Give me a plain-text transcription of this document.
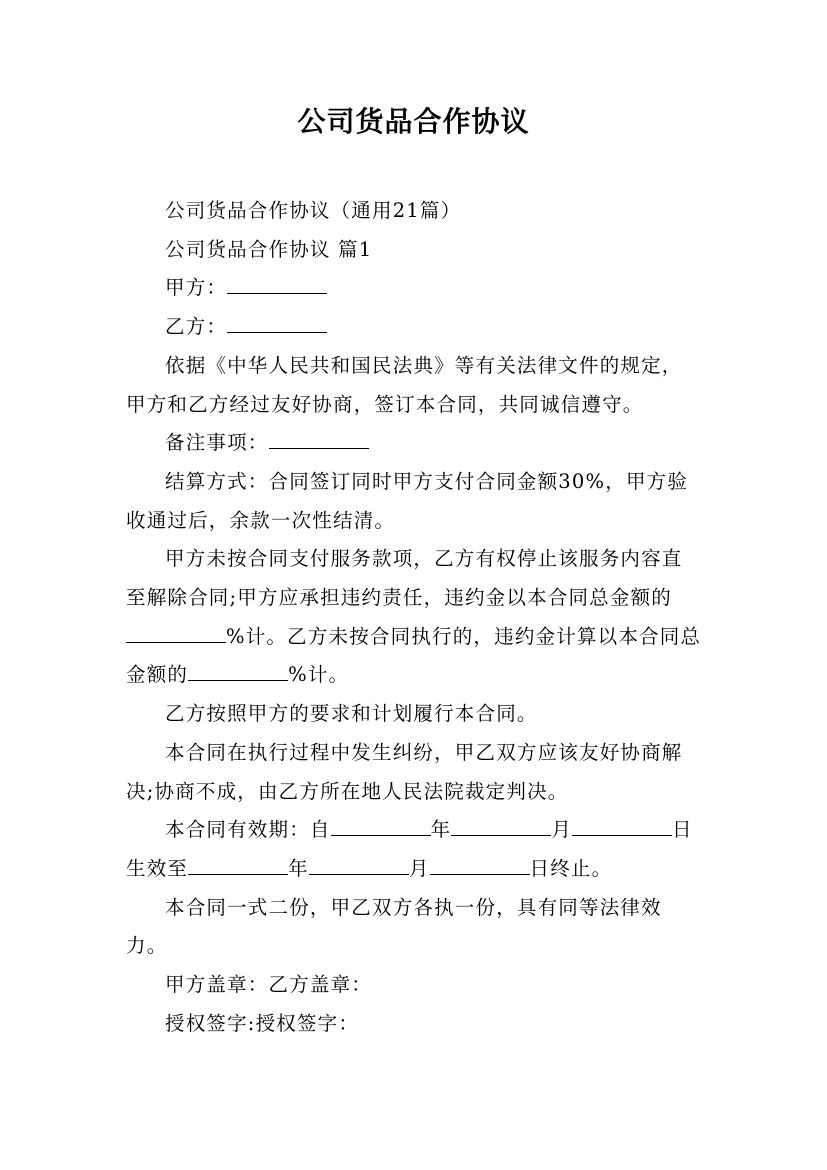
公司货品合作协议

公司货品合作协议（通用21篇）

公司货品合作协议 篇1

甲方：

乙方：

依据《中华人民共和国民法典》等有关法律文件的规定，甲方和乙方经过友好协商，签订本合同，共同诚信遵守。

备注事项：

结算方式：合同签订同时甲方支付合同金额30%，甲方验收通过后，余款一次性结清。

甲方未按合同支付服务款项，乙方有权停止该服务内容直至解除合同;甲方应承担违约责任，违约金以本合同总金额的%计。乙方未按合同执行的，违约金计算以本合同总金额的	%计。

乙方按照甲方的要求和计划履行本合同。

本合同在执行过程中发生纠纷，甲乙双方应该友好协商解决;协商不成，由乙方所在地人民法院裁定判决。

本合同有效期：自	年	月	日生效至	年	月	日终止。

本合同一式二份，甲乙双方各执一份，具有同等法律效力。

甲方盖章：乙方盖章：

授权签字:授权签字：
